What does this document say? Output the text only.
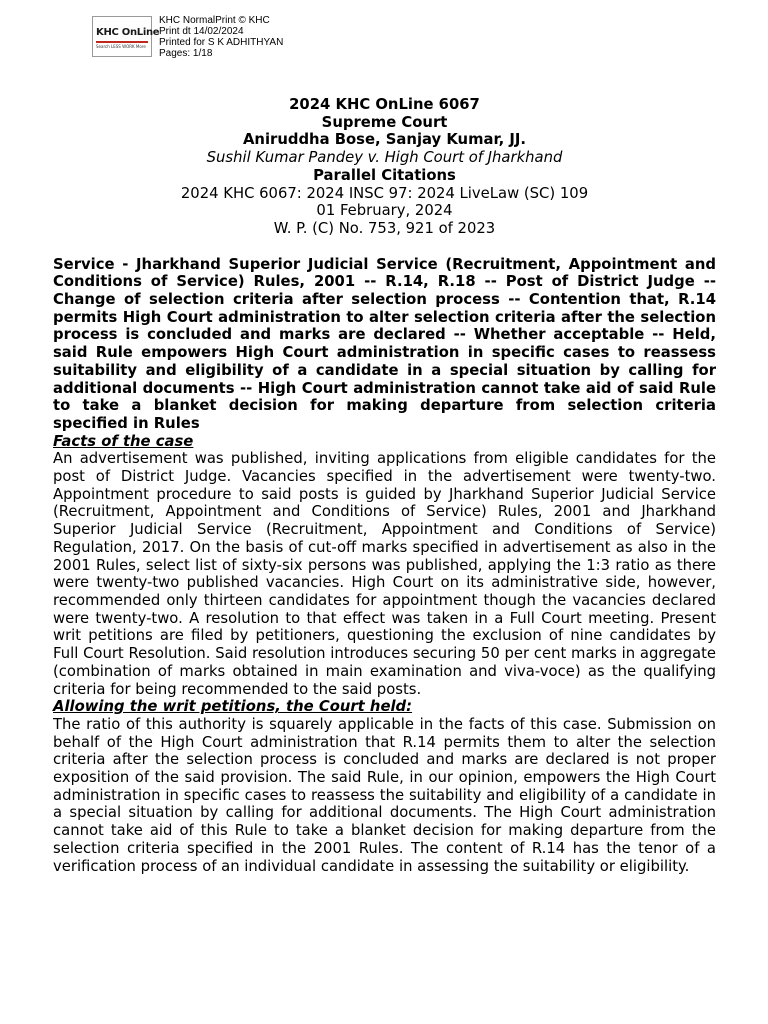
KHC OnLine
Search LESS WORK More
KHC NormalPrint © KHC
Print dt 14/02/2024
Printed for S K ADHITHYAN
Pages: 1/18
2024 KHC OnLine 6067
Supreme Court
Aniruddha Bose, Sanjay Kumar, JJ.
Sushil Kumar Pandey v. High Court of Jharkhand
Parallel Citations
2024 KHC 6067: 2024 INSC 97: 2024 LiveLaw (SC) 109
01 February, 2024
W. P. (C) No. 753, 921 of 2023
Service - Jharkhand Superior Judicial Service (Recruitment, Appointment and Conditions of Service) Rules, 2001 -- R.14, R.18 -- Post of District Judge -- Change of selection criteria after selection process -- Contention that, R.14 permits High Court administration to alter selection criteria after the selection process is concluded and marks are declared -- Whether acceptable -- Held, said Rule empowers High Court administration in specific cases to reassess suitability and eligibility of a candidate in a special situation by calling for additional documents -- High Court administration cannot take aid of said Rule to take a blanket decision for making departure from selection criteria specified in Rules
Facts of the case
An advertisement was published, inviting applications from eligible candidates for the post of District Judge. Vacancies specified in the advertisement were twenty-two. Appointment procedure to said posts is guided by Jharkhand Superior Judicial Service (Recruitment, Appointment and Conditions of Service) Rules, 2001 and Jharkhand Superior Judicial Service (Recruitment, Appointment and Conditions of Service) Regulation, 2017. On the basis of cut-off marks specified in advertisement as also in the 2001 Rules, select list of sixty-six persons was published, applying the 1:3 ratio as there were twenty-two published vacancies. High Court on its administrative side, however, recommended only thirteen candidates for appointment though the vacancies declared were twenty-two. A resolution to that effect was taken in a Full Court meeting. Present writ petitions are filed by petitioners, questioning the exclusion of nine candidates by Full Court Resolution. Said resolution introduces securing 50 per cent marks in aggregate (combination of marks obtained in main examination and viva-voce) as the qualifying criteria for being recommended to the said posts.
Allowing the writ petitions, the Court held:
The ratio of this authority is squarely applicable in the facts of this case. Submission on behalf of the High Court administration that R.14 permits them to alter the selection criteria after the selection process is concluded and marks are declared is not proper exposition of the said provision. The said Rule, in our opinion, empowers the High Court administration in specific cases to reassess the suitability and eligibility of a candidate in a special situation by calling for additional documents. The High Court administration cannot take aid of this Rule to take a blanket decision for making departure from the selection criteria specified in the 2001 Rules. The content of R.14 has the tenor of a verification process of an individual candidate in assessing the suitability or eligibility.
